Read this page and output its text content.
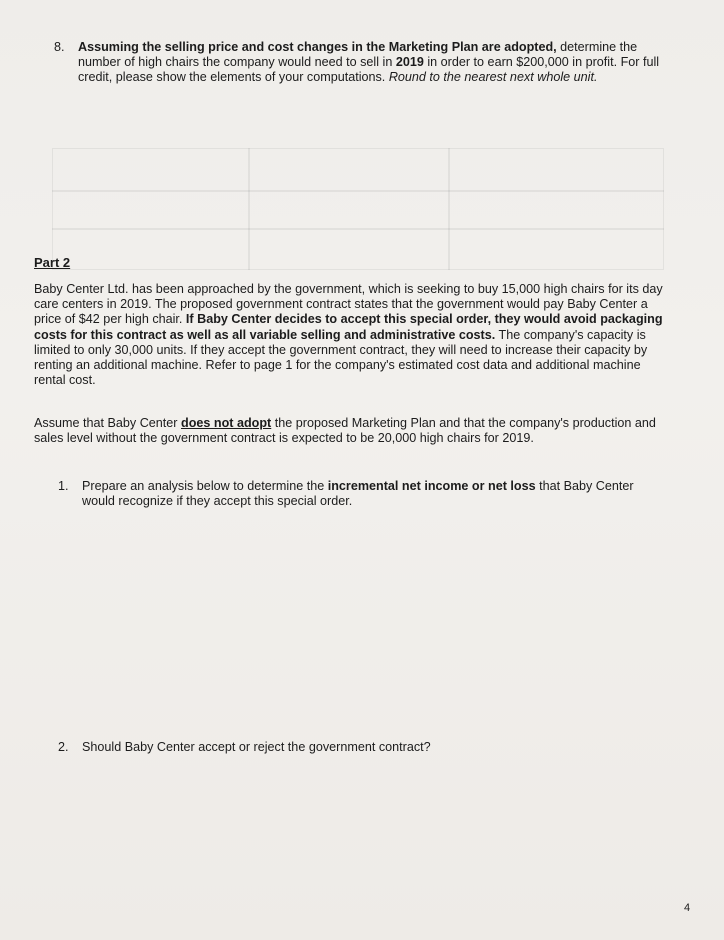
8. Assuming the selling price and cost changes in the Marketing Plan are adopted, determine the number of high chairs the company would need to sell in 2019 in order to earn $200,000 in profit. For full credit, please show the elements of your computations. Round to the nearest next whole unit.
Part 2
Baby Center Ltd. has been approached by the government, which is seeking to buy 15,000 high chairs for its day care centers in 2019. The proposed government contract states that the government would pay Baby Center a price of $42 per high chair. If Baby Center decides to accept this special order, they would avoid packaging costs for this contract as well as all variable selling and administrative costs. The company's capacity is limited to only 30,000 units. If they accept the government contract, they will need to increase their capacity by renting an additional machine. Refer to page 1 for the company's estimated cost data and additional machine rental cost.
Assume that Baby Center does not adopt the proposed Marketing Plan and that the company's production and sales level without the government contract is expected to be 20,000 high chairs for 2019.
1. Prepare an analysis below to determine the incremental net income or net loss that Baby Center would recognize if they accept this special order.
2. Should Baby Center accept or reject the government contract?
4
